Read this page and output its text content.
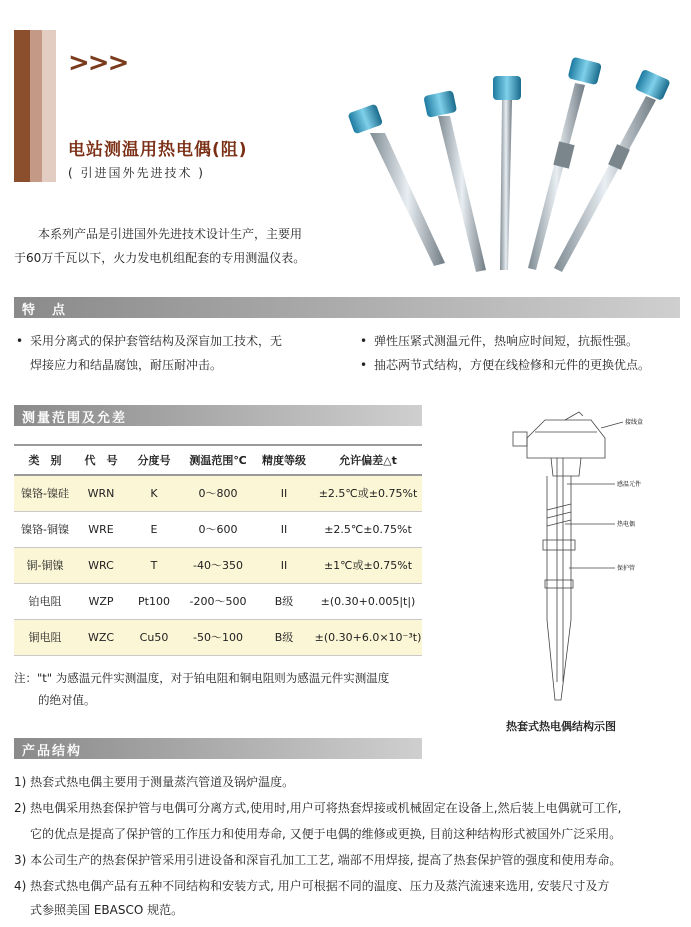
>>>
电站测温用热电偶(阻)
( 引进国外先进技术 )
本系列产品是引进国外先进技术设计生产，主要用
于60万千瓦以下，火力发电机组配套的专用测温仪表。
特　点
• 采用分离式的保护套管结构及深盲加工技术，无
焊接应力和结晶腐蚀，耐压耐冲击。
• 弹性压紧式测温元件，热响应时间短，抗振性强。
• 抽芯两节式结构，方便在线检修和元件的更换优点。
测量范围及允差
类　别	代　号	分度号	测温范围℃	精度等级	允许偏差△t
镍铬-镍硅	WRN	K	0～800	II	±2.5℃或±0.75%t
镍铬-铜镍	WRE	E	0～600	II	±2.5℃±0.75%t
铜-铜镍	WRC	T	-40～350	II	±1℃或±0.75%t
铂电阻	WZP	Pt100	-200～500	B级	±(0.30+0.005|t|)
铜电阻	WZC	Cu50	-50～100	B级	±(0.30+6.0×10⁻³t)
注："t" 为感温元件实测温度，对于铂电阻和铜电阻则为感温元件实测温度
的绝对值。
接线盒
感温元件
热电偶
保护管
热套式热电偶结构示图
产品结构
1) 热套式热电偶主要用于测量蒸汽管道及锅炉温度。
2) 热电偶采用热套保护管与电偶可分离方式,使用时,用户可将热套焊接或机械固定在设备上,然后装上电偶就可工作,
它的优点是提高了保护管的工作压力和使用寿命, 又便于电偶的维修或更换, 目前这种结构形式被国外广泛采用。
3) 本公司生产的热套保护管采用引进设备和深盲孔加工工艺, 端部不用焊接, 提高了热套保护管的强度和使用寿命。
4) 热套式热电偶产品有五种不同结构和安装方式, 用户可根据不同的温度、压力及蒸汽流速来选用, 安装尺寸及方
式参照美国 EBASCO 规范。
